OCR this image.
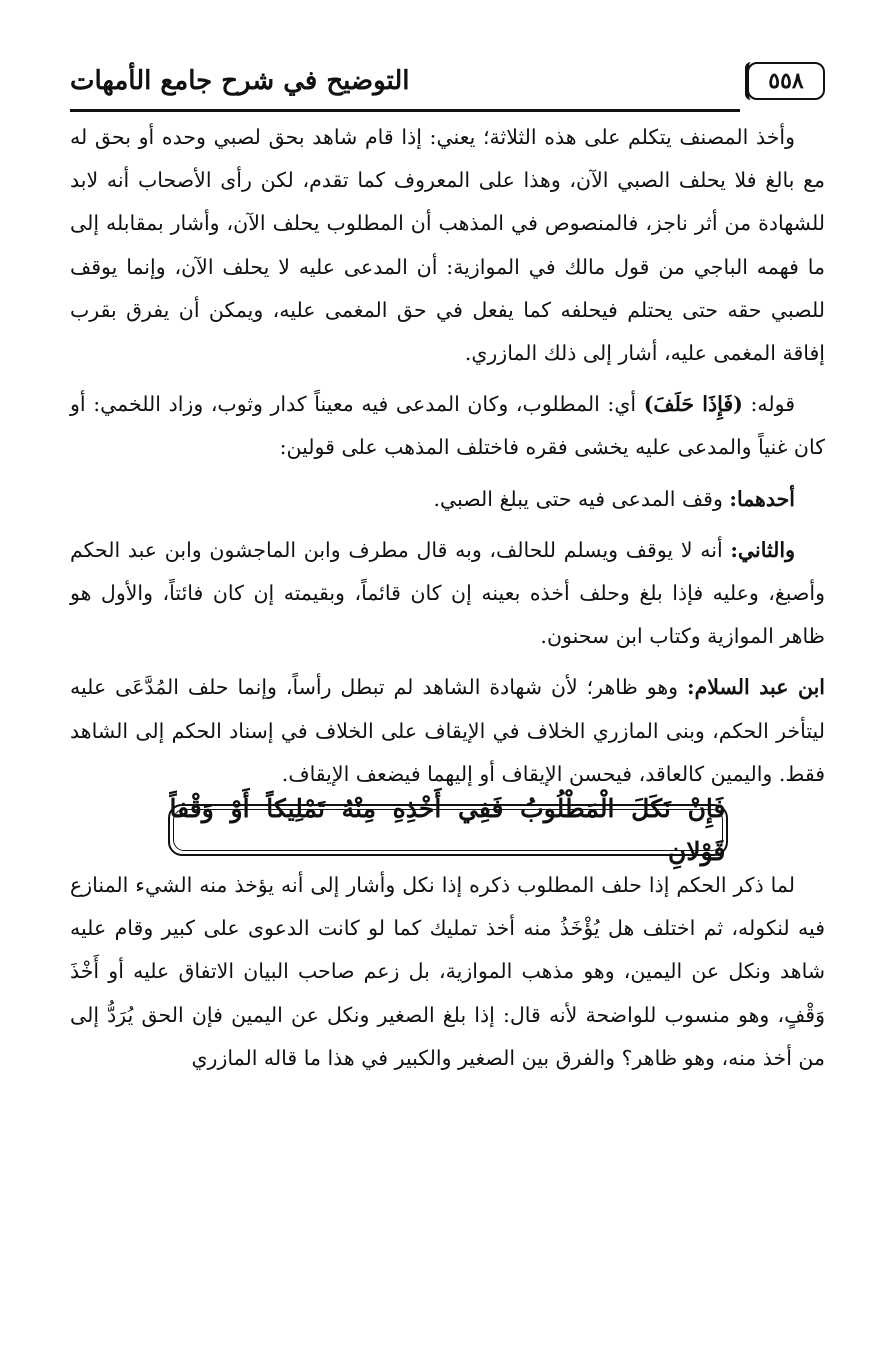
٥٥٨
التوضيح في شرح جامع الأمهات

وأخذ المصنف يتكلم على هذه الثلاثة؛ يعني: إذا قام شاهد بحق لصبي وحده أو بحق له مع بالغ فلا يحلف الصبي الآن، وهذا على المعروف كما تقدم، لكن رأى الأصحاب أنه لابد للشهادة من أثر ناجز، فالمنصوص في المذهب أن المطلوب يحلف الآن، وأشار بمقابله إلى ما فهمه الباجي من قول مالك في الموازية: أن المدعى عليه لا يحلف الآن، وإنما يوقف للصبي حقه حتى يحتلم فيحلفه كما يفعل في حق المغمى عليه، ويمكن أن يفرق بقرب إفاقة المغمى عليه، أشار إلى ذلك المازري.

قوله: (فَإِذَا حَلَفَ) أي: المطلوب، وكان المدعى فيه معيناً كدار وثوب، وزاد اللخمي: أو كان غنياً والمدعى عليه يخشى فقره فاختلف المذهب على قولين:

أحدهما: وقف المدعى فيه حتى يبلغ الصبي.

والثاني: أنه لا يوقف ويسلم للحالف، وبه قال مطرف وابن الماجشون وابن عبد الحكم وأصبغ، وعليه فإذا بلغ وحلف أخذه بعينه إن كان قائماً، وبقيمته إن كان فائتاً، والأول هو ظاهر الموازية وكتاب ابن سحنون.

ابن عبد السلام: وهو ظاهر؛ لأن شهادة الشاهد لم تبطل رأساً، وإنما حلف المُدَّعَى عليه ليتأخر الحكم، وبنى المازري الخلاف في الإيقاف على الخلاف في إسناد الحكم إلى الشاهد فقط. واليمين كالعاقد، فيحسن الإيقاف أو إليهما فيضعف الإيقاف.

فَإِنْ نَكَلَ الْمَطْلُوبُ فَفِي أَخْذِهِ مِنْهُ تَمْلِيكاً أَوْ وَقْفاً قَوْلانِ

لما ذكر الحكم إذا حلف المطلوب ذكره إذا نكل وأشار إلى أنه يؤخذ منه الشيء المنازع فيه لنكوله، ثم اختلف هل يُؤْخَذُ منه أخذ تمليك كما لو كانت الدعوى على كبير وقام عليه شاهد ونكل عن اليمين، وهو مذهب الموازية، بل زعم صاحب البيان الاتفاق عليه أو أَخْذَ وَقْفٍ، وهو منسوب للواضحة لأنه قال: إذا بلغ الصغير ونكل عن اليمين فإن الحق يُرَدُّ إلى من أخذ منه، وهو ظاهر؟ والفرق بين الصغير والكبير في هذا ما قاله المازري
